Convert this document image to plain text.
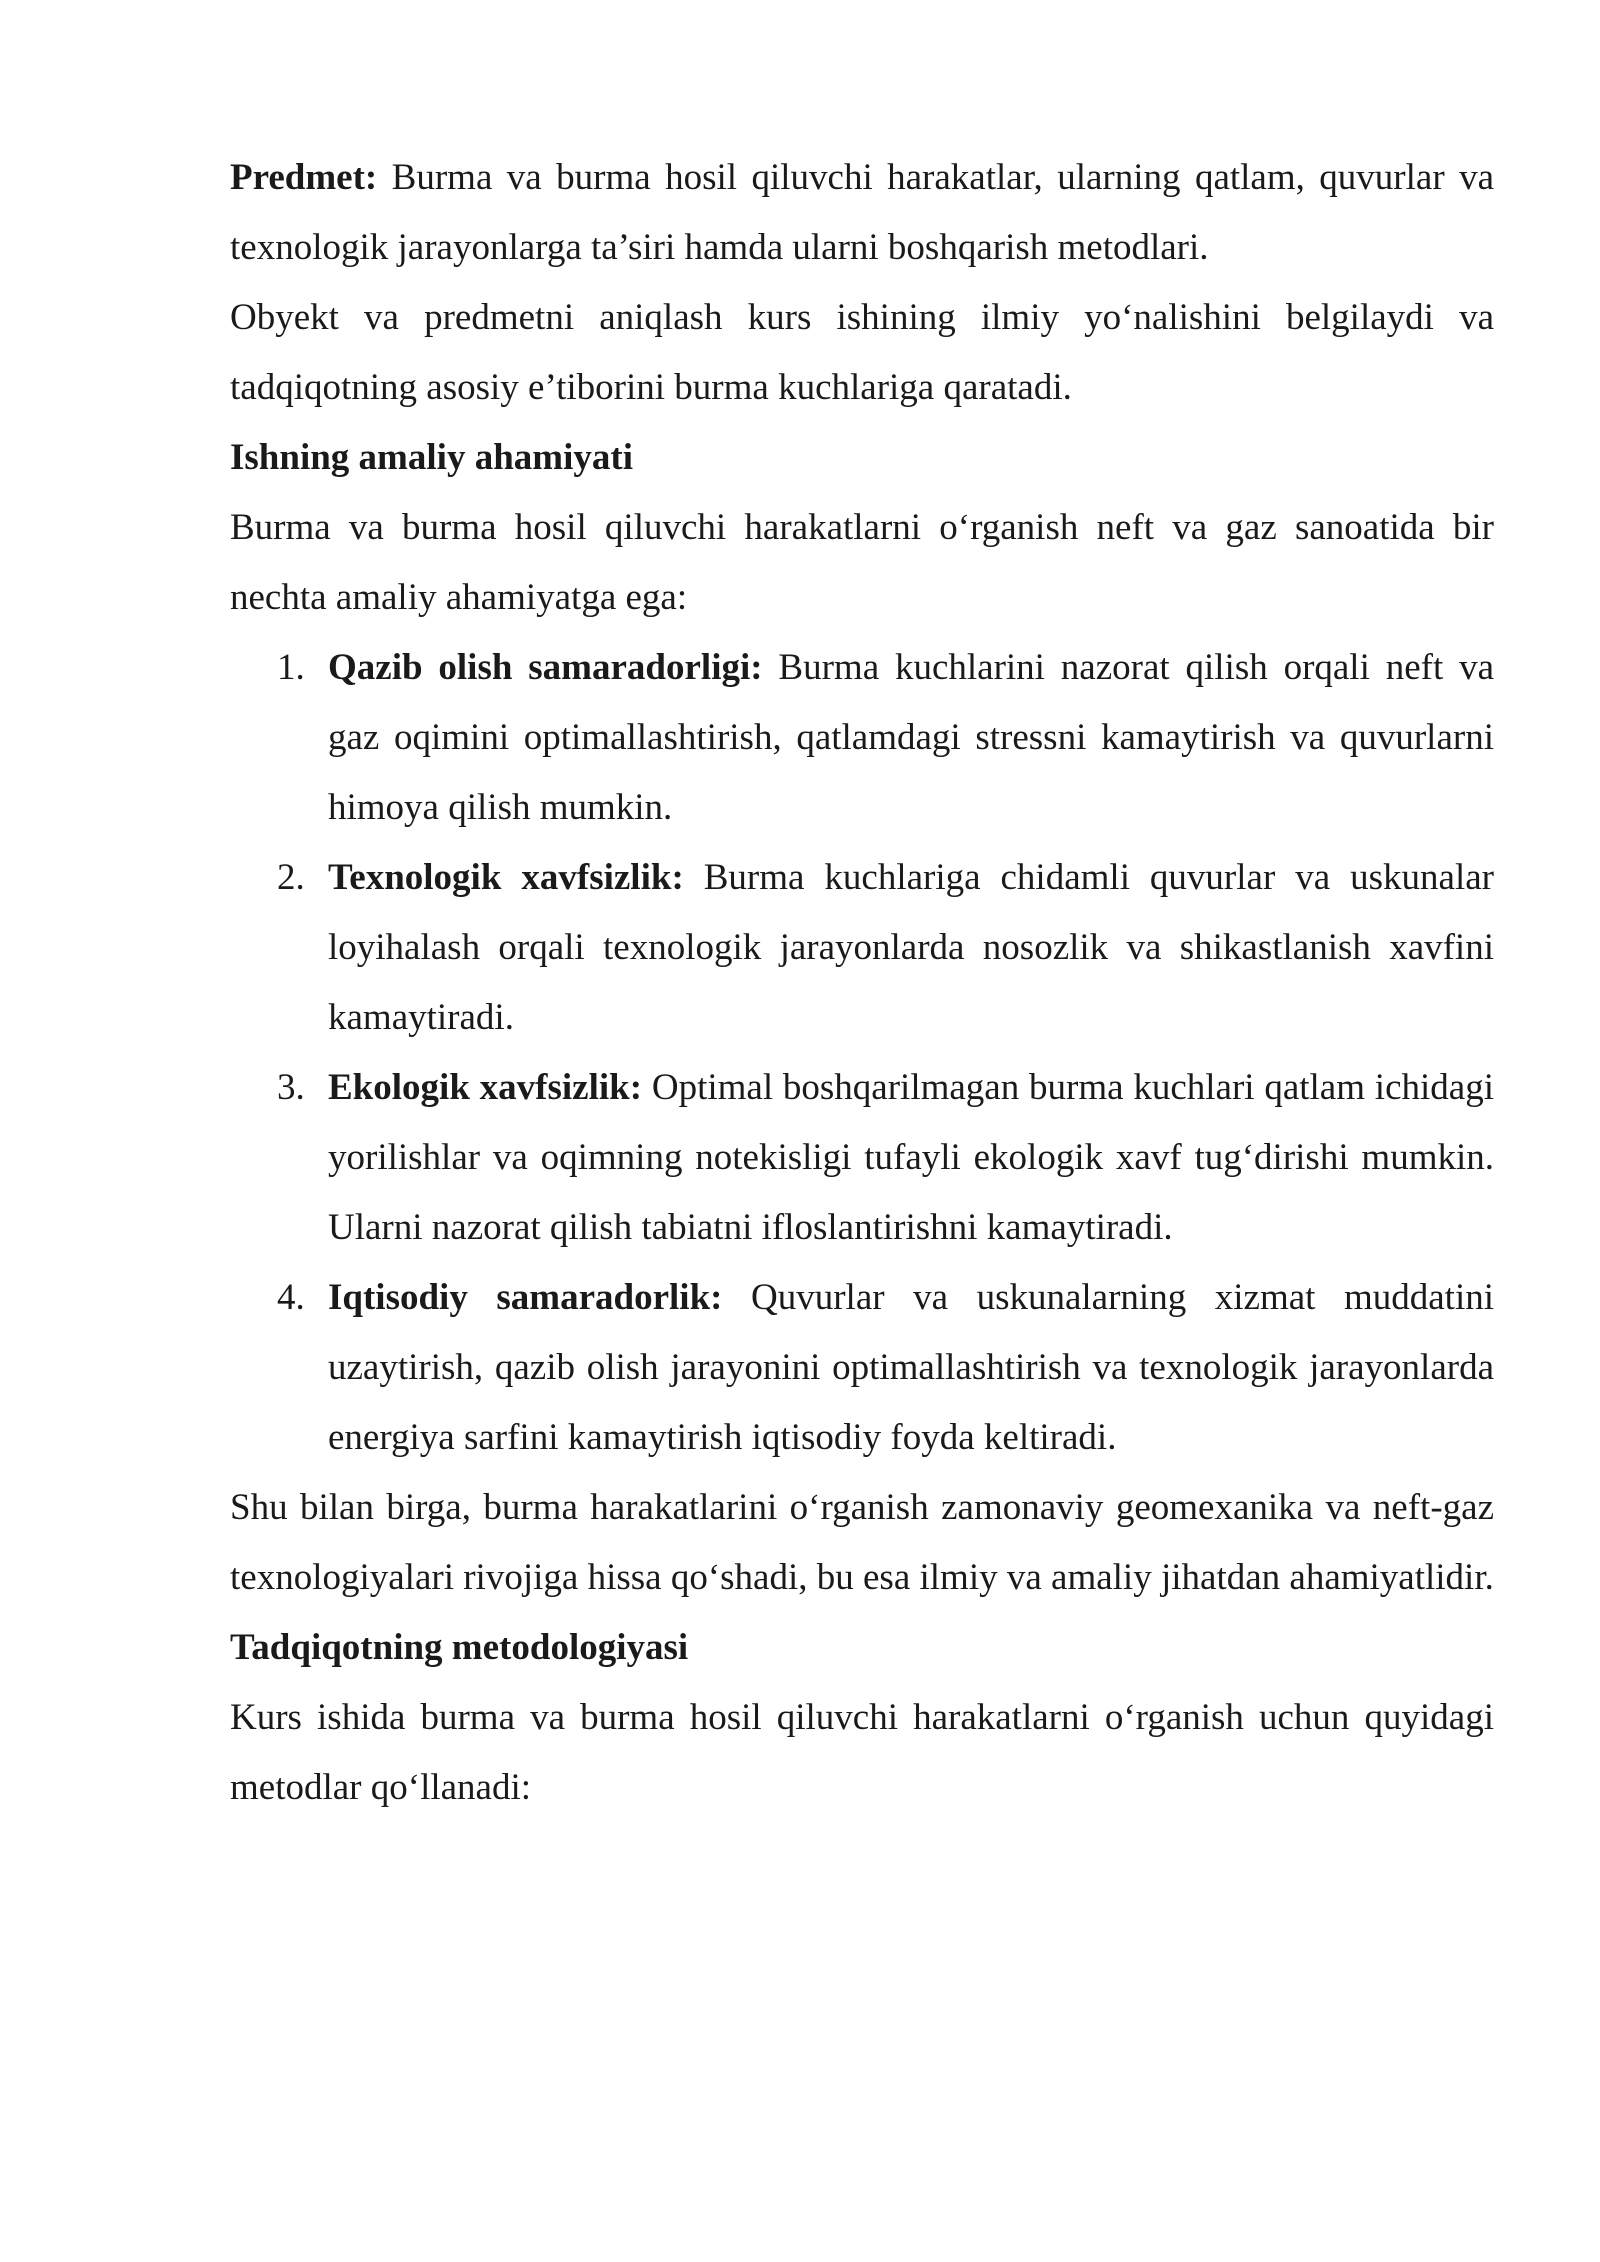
Predmet: Burma va burma hosil qiluvchi harakatlar, ularning qatlam, quvurlar va texnologik jarayonlarga ta’siri hamda ularni boshqarish metodlari.

Obyekt va predmetni aniqlash kurs ishining ilmiy yo‘nalishini belgilaydi va tadqiqotning asosiy e’tiborini burma kuchlariga qaratadi.

Ishning amaliy ahamiyati

Burma va burma hosil qiluvchi harakatlarni o‘rganish neft va gaz sanoatida bir nechta amaliy ahamiyatga ega:

1. Qazib olish samaradorligi: Burma kuchlarini nazorat qilish orqali neft va gaz oqimini optimallashtirish, qatlamdagi stressni kamaytirish va quvurlarni himoya qilish mumkin.
2. Texnologik xavfsizlik: Burma kuchlariga chidamli quvurlar va uskunalar loyihalash orqali texnologik jarayonlarda nosozlik va shikastlanish xavfini kamaytiradi.
3. Ekologik xavfsizlik: Optimal boshqarilmagan burma kuchlari qatlam ichidagi yorilishlar va oqimning notekisligi tufayli ekologik xavf tug‘dirishi mumkin. Ularni nazorat qilish tabiatni ifloslantirishni kamaytiradi.
4. Iqtisodiy samaradorlik: Quvurlar va uskunalarning xizmat muddatini uzaytirish, qazib olish jarayonini optimallashtirish va texnologik jarayonlarda energiya sarfini kamaytirish iqtisodiy foyda keltiradi.

Shu bilan birga, burma harakatlarini o‘rganish zamonaviy geomexanika va neft-gaz texnologiyalari rivojiga hissa qo‘shadi, bu esa ilmiy va amaliy jihatdan ahamiyatlidir.

Tadqiqotning metodologiyasi

Kurs ishida burma va burma hosil qiluvchi harakatlarni o‘rganish uchun quyidagi metodlar qo‘llanadi:
